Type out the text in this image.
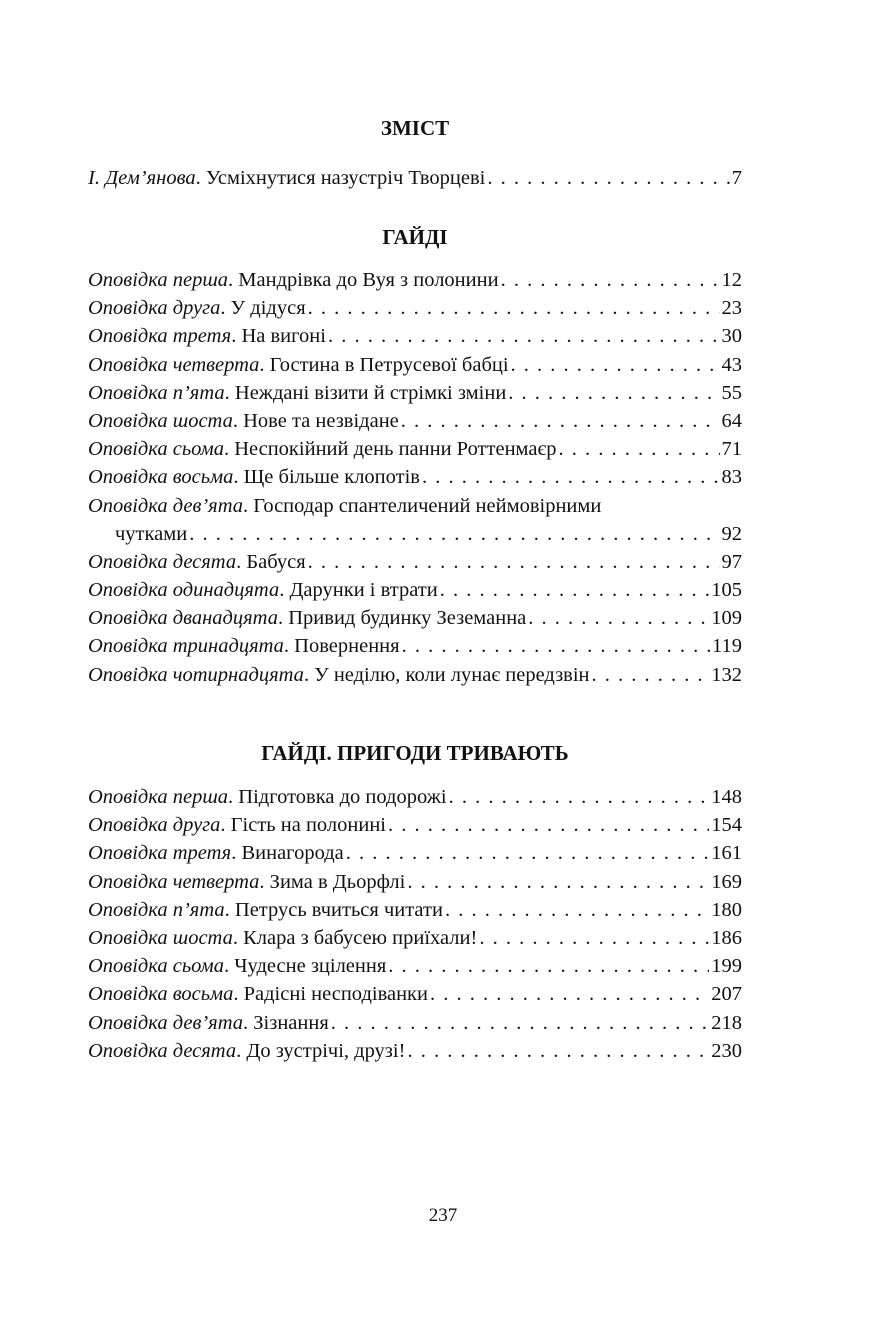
ЗМІСТ
І. Дем’янова. Усміхнутися назустріч Творцеві . . .	7
ГАЙДІ
Оповідка перша. Мандрівка до Вуя з полонини . . .	12
Оповідка друга. У дідуся . . .	23
Оповідка третя. На вигоні . . .	30
Оповідка четверта. Гостина в Петрусевої бабці . . .	43
Оповідка п’ята. Неждані візити й стрімкі зміни . . .	55
Оповідка шоста. Нове та незвідане . . .	64
Оповідка сьома. Неспокійний день панни Роттенмаєр . . .	71
Оповідка восьма. Ще більше клопотів . . .	83
Оповідка дев’ята. Господар спантеличений неймовірними
чутками . . .	92
Оповідка десята. Бабуся . . .	97
Оповідка одинадцята. Дарунки і втрати . . .	105
Оповідка дванадцята. Привид будинку Зеземанна . . .	109
Оповідка тринадцята. Повернення . . .	119
Оповідка чотирнадцята. У неділю, коли лунає передзвін . . .	132
ГАЙДІ. ПРИГОДИ ТРИВАЮТЬ
Оповідка перша. Підготовка до подорожі . . .	148
Оповідка друга. Гість на полонині . . .	154
Оповідка третя. Винагорода . . .	161
Оповідка четверта. Зима в Дьорфлі . . .	169
Оповідка п’ята. Петрусь вчиться читати . . .	180
Оповідка шоста. Клара з бабусею приїхали! . . .	186
Оповідка сьома. Чудесне зцілення . . .	199
Оповідка восьма. Радісні несподіванки . . .	207
Оповідка дев’ята. Зізнання . . .	218
Оповідка десята. До зустрічі, друзі! . . .	230
237
